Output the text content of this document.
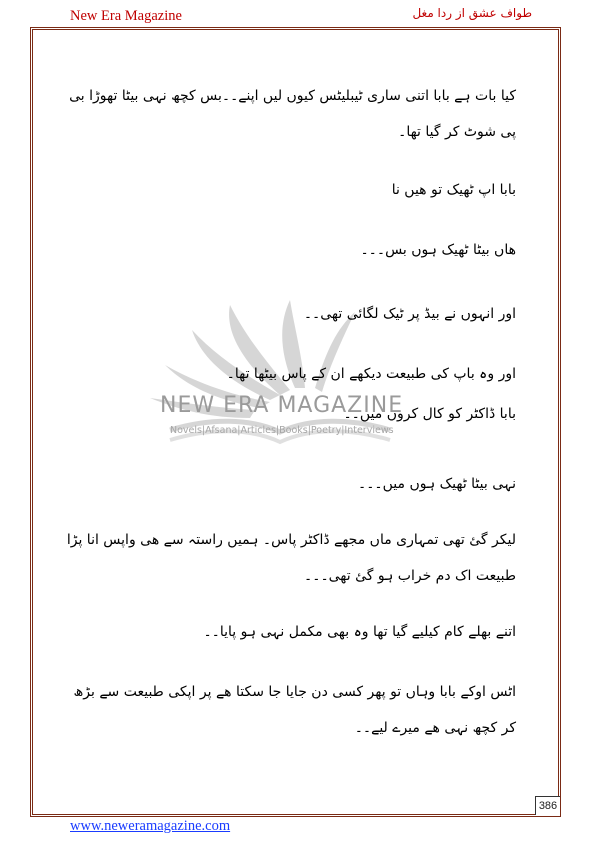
New Era Magazine	طواف عشق از ردا مغل
NEW ERA MAGAZINE
Novels|Afsana|Articles|Books|Poetry|Interviews

کیا بات ہے بابا اتنی ساری ٹیبلیٹس کیوں لیں اپنے۔۔بس کچھ نہی بیٹا تھوڑا بی پی شوٹ کر گیا تھا۔

بابا اپ ٹھیک تو ھیں نا

ھاں بیٹا ٹھیک ہوں بس۔۔۔

اور انہوں نے بیڈ پر ٹیک لگائی تھی۔۔

اور وہ باپ کی طبیعت دیکھے ان کے پاس بیٹھا تھا۔

بابا ڈاکٹر کو کال کروں میں۔۔

نہی بیٹا ٹھیک ہوں میں۔۔۔

لیکر گئ تھی تمہاری ماں مجھے ڈاکٹر پاس۔ ہمیں راستہ سے ھی واپس انا پڑا طبیعت اک دم خراب ہو گئ تھی۔۔۔

اتنے بھلے کام کیلیے گیا تھا وہ بھی مکمل نہی ہو پایا۔۔

اٹس اوکے بابا وہاں تو پھر کسی دن جایا جا سکتا ھے پر اپکی طبیعت سے بڑھ کر کچھ نہی ھے میرے لیے۔۔

386
www.neweramagazine.com
